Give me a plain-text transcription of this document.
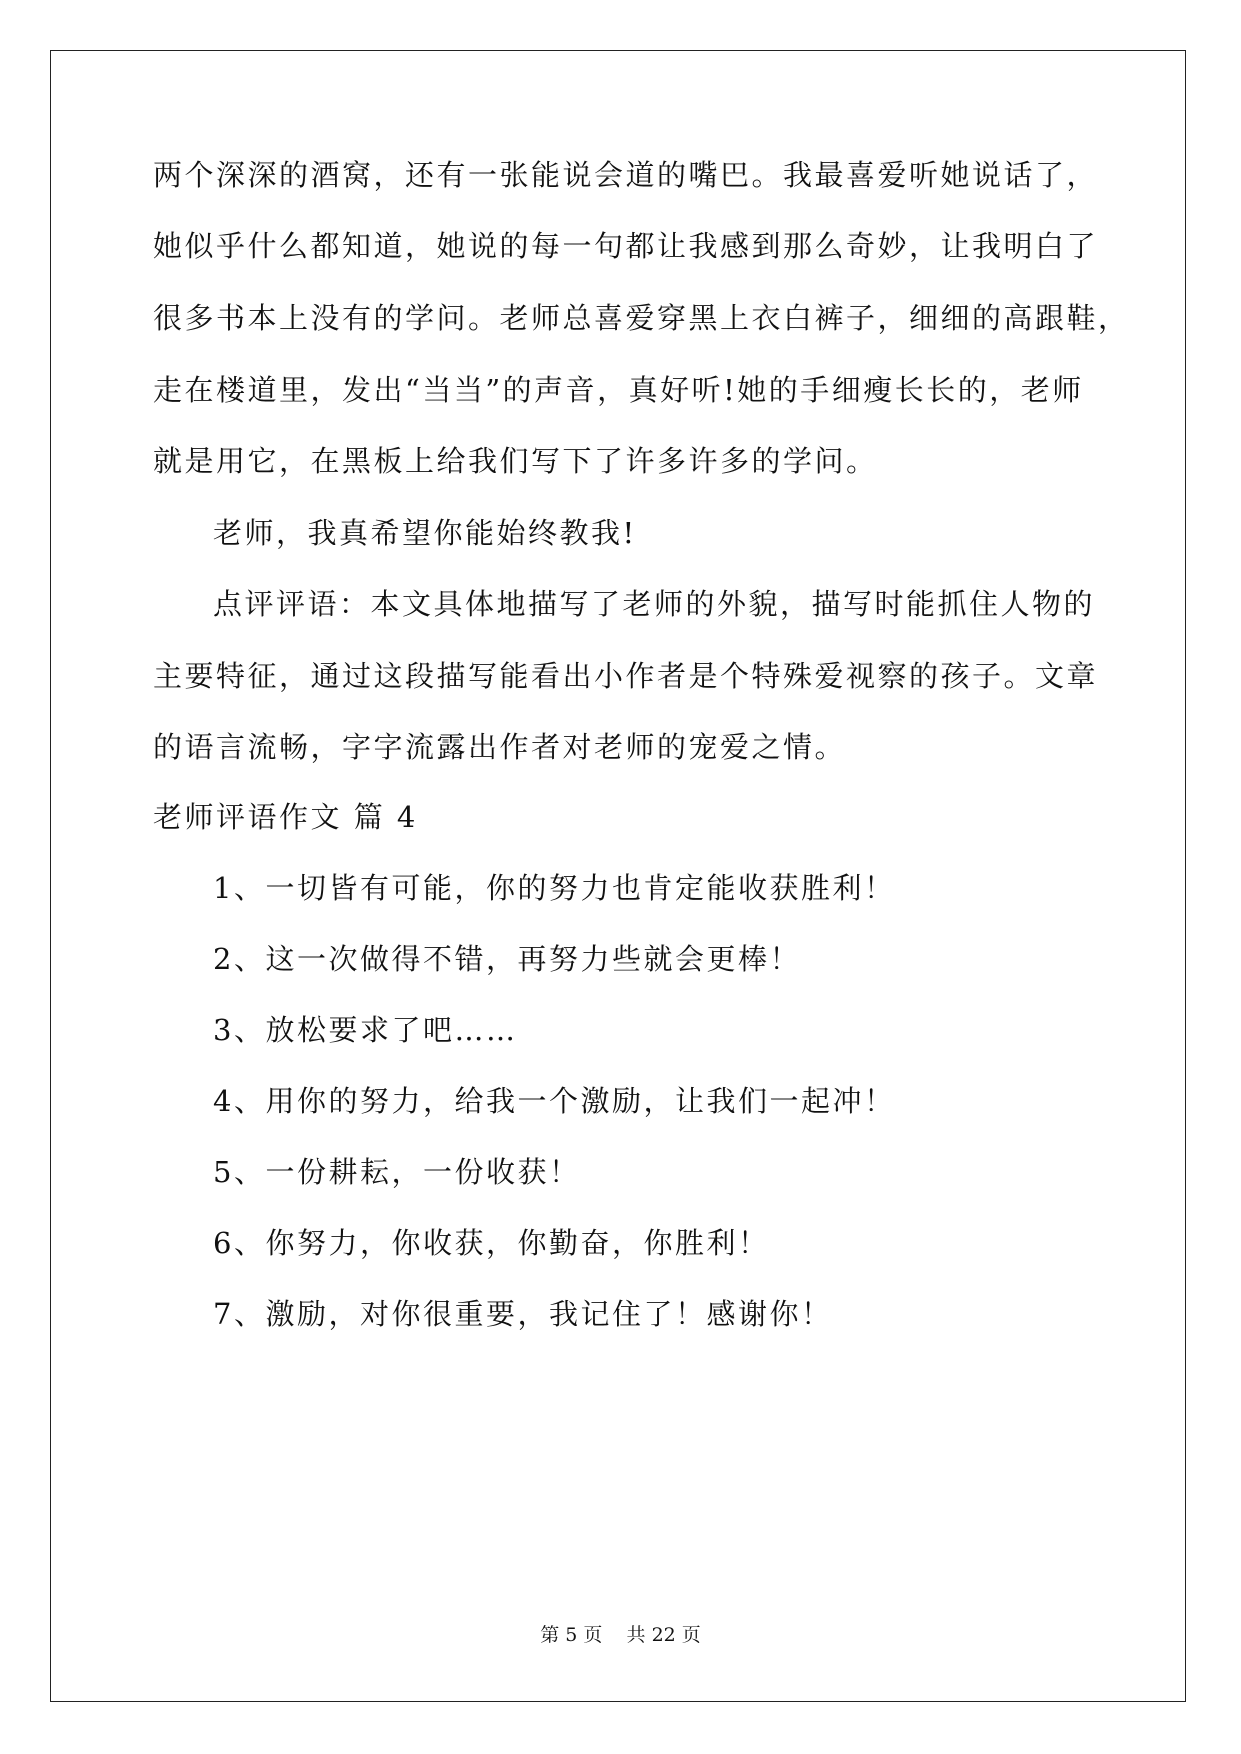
两个深深的酒窝，还有一张能说会道的嘴巴。我最喜爱听她说话了，
她似乎什么都知道，她说的每一句都让我感到那么奇妙，让我明白了
很多书本上没有的学问。老师总喜爱穿黑上衣白裤子，细细的高跟鞋，
走在楼道里，发出“当当”的声音，真好听!她的手细瘦长长的，老师
就是用它，在黑板上给我们写下了许多许多的学问。
老师，我真希望你能始终教我!
点评评语：本文具体地描写了老师的外貌，描写时能抓住人物的
主要特征，通过这段描写能看出小作者是个特殊爱视察的孩子。文章
的语言流畅，字字流露出作者对老师的宠爱之情。
老师评语作文 篇 4
1、一切皆有可能，你的努力也肯定能收获胜利！
2、这一次做得不错，再努力些就会更棒！
3、放松要求了吧……
4、用你的努力，给我一个激励，让我们一起冲！
5、一份耕耘，一份收获！
6、你努力，你收获，你勤奋，你胜利！
7、激励，对你很重要，我记住了！感谢你！
第 5 页    共 22 页
